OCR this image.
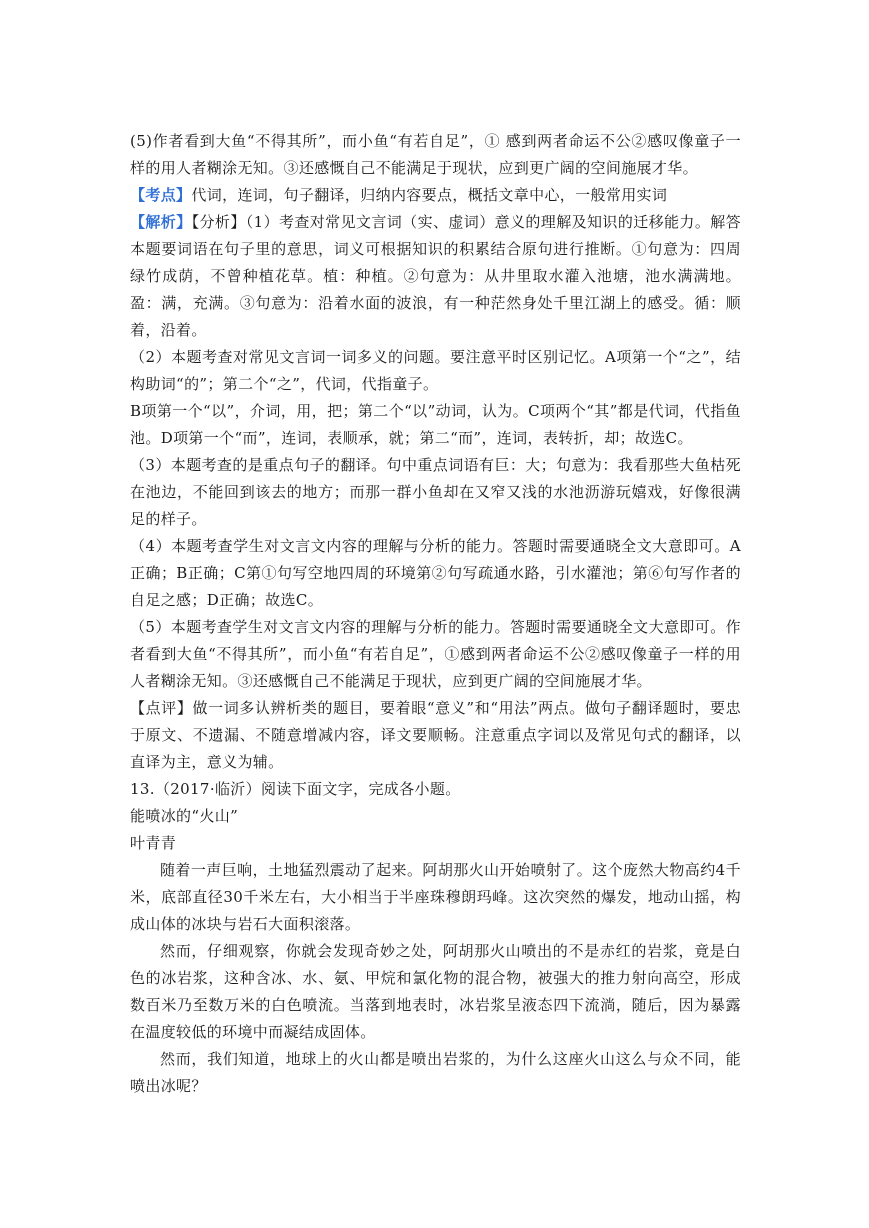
(5)作者看到大鱼“不得其所”，而小鱼“有若自足”，① 感到两者命运不公②感叹像童子一样的用人者糊涂无知。③还感慨自己不能满足于现状，应到更广阔的空间施展才华。

【考点】代词，连词，句子翻译，归纳内容要点，概括文章中心，一般常用实词

【解析】【分析】（1）考查对常见文言词（实、虚词）意义的理解及知识的迁移能力。解答本题要词语在句子里的意思，词义可根据知识的积累结合原句进行推断。①句意为：四周绿竹成荫，不曾种植花草。植：种植。②句意为：从井里取水灌入池塘，池水满满地。盈：满，充满。③句意为：沿着水面的波浪，有一种茫然身处千里江湖上的感受。循：顺着，沿着。

（2）本题考查对常见文言词一词多义的问题。要注意平时区别记忆。A项第一个“之”，结构助词“的”；第二个“之”，代词，代指童子。

B项第一个“以”，介词，用，把；第二个“以”动词，认为。C项两个“其”都是代词，代指鱼池。D项第一个“而”，连词，表顺承，就；第二“而”，连词，表转折，却；故选C。

（3）本题考查的是重点句子的翻译。句中重点词语有巨：大；句意为：我看那些大鱼枯死在池边，不能回到该去的地方；而那一群小鱼却在又窄又浅的水池沥游玩嬉戏，好像很满足的样子。

（4）本题考查学生对文言文内容的理解与分析的能力。答题时需要通晓全文大意即可。A正确；B正确；C第①句写空地四周的环境第②句写疏通水路，引水灌池；第⑥句写作者的自足之感；D正确；故选C。

（5）本题考查学生对文言文内容的理解与分析的能力。答题时需要通晓全文大意即可。作者看到大鱼“不得其所”，而小鱼“有若自足”，①感到两者命运不公②感叹像童子一样的用人者糊涂无知。③还感慨自己不能满足于现状，应到更广阔的空间施展才华。

【点评】做一词多认辨析类的题目，要着眼“意义”和“用法”两点。做句子翻译题时，要忠于原文、不遗漏、不随意增减内容，译文要顺畅。注意重点字词以及常见句式的翻译，以直译为主，意义为辅。

13.（2017·临沂）阅读下面文字，完成各小题。

能喷冰的“火山”

叶青青

随着一声巨响，土地猛烈震动了起来。阿胡那火山开始喷射了。这个庞然大物高约4千米，底部直径30千米左右，大小相当于半座珠穆朗玛峰。这次突然的爆发，地动山摇，构成山体的冰块与岩石大面积滚落。

然而，仔细观察，你就会发现奇妙之处，阿胡那火山喷出的不是赤红的岩浆，竟是白色的冰岩浆，这种含冰、水、氨、甲烷和氯化物的混合物，被强大的推力射向高空，形成数百米乃至数万米的白色喷流。当落到地表时，冰岩浆呈液态四下流淌，随后，因为暴露在温度较低的环境中而凝结成固体。

然而，我们知道，地球上的火山都是喷出岩浆的，为什么这座火山这么与众不同，能喷出冰呢？
